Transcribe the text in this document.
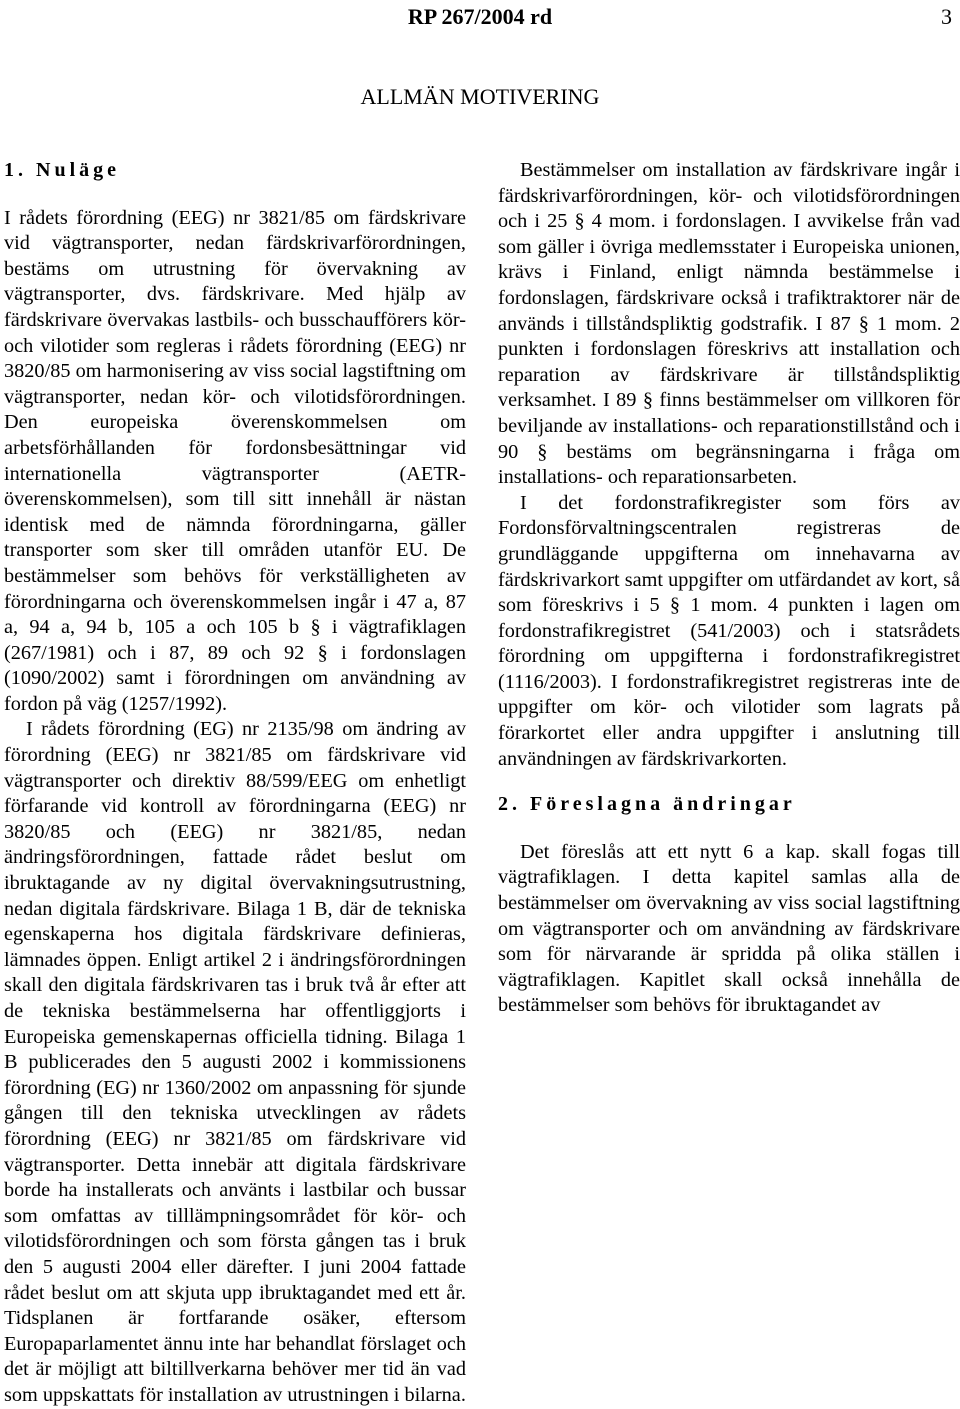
RP 267/2004 rd	3
ALLMÄN MOTIVERING

1. Nuläge

I rådets förordning (EEG) nr 3821/85 om färdskrivare vid vägtransporter, nedan färdskrivarförordningen, bestäms om utrustning för övervakning av vägtransporter, dvs. färdskrivare. Med hjälp av färdskrivare övervakas lastbils- och busschaufförers kör- och vilotider som regleras i rådets förordning (EEG) nr 3820/85 om harmonisering av viss social lagstiftning om vägtransporter, nedan kör- och vilotidsförordningen. Den europeiska överenskommelsen om arbetsförhållanden för fordonsbesättningar vid internationella vägtransporter (AETR-överenskommelsen), som till sitt innehåll är nästan identisk med de nämnda förordningarna, gäller transporter som sker till områden utanför EU. De bestämmelser som behövs för verkställigheten av förordningarna och överenskommelsen ingår i 47 a, 87 a, 94 a, 94 b, 105 a och 105 b § i vägtrafiklagen (267/1981) och i 87, 89 och 92 § i fordonslagen (1090/2002) samt i förordningen om användning av fordon på väg (1257/1992).

I rådets förordning (EG) nr 2135/98 om ändring av förordning (EEG) nr 3821/85 om färdskrivare vid vägtransporter och direktiv 88/599/EEG om enhetligt förfarande vid kontroll av förordningarna (EEG) nr 3820/85 och (EEG) nr 3821/85, nedan ändringsförordningen, fattade rådet beslut om ibruktagande av ny digital övervakningsutrustning, nedan digitala färdskrivare. Bilaga 1 B, där de tekniska egenskaperna hos digitala färdskrivare definieras, lämnades öppen. Enligt artikel 2 i ändringsförordningen skall den digitala färdskrivaren tas i bruk två år efter att de tekniska bestämmelserna har offentliggjorts i Europeiska gemenskapernas officiella tidning. Bilaga 1 B publicerades den 5 augusti 2002 i kommissionens förordning (EG) nr 1360/2002 om anpassning för sjunde gången till den tekniska utvecklingen av rådets förordning (EEG) nr 3821/85 om färdskrivare vid vägtransporter. Detta innebär att digitala färdskrivare borde ha installerats och använts i lastbilar och bussar som omfattas av tilllämpningsområdet för kör- och vilotidsförordningen och som första gången tas i bruk den 5 augusti 2004 eller därefter. I juni 2004 fattade rådet beslut om att skjuta upp ibruktagandet med ett år. Tidsplanen är fortfarande osäker, eftersom Europaparlamentet ännu inte har behandlat förslaget och det är möjligt att biltillverkarna behöver mer tid än vad som uppskattats för installation av utrustningen i bilarna.

Bestämmelser om installation av färdskrivare ingår i färdskrivarförordningen, kör- och vilotidsförordningen och i 25 § 4 mom. i fordonslagen. I avvikelse från vad som gäller i övriga medlemsstater i Europeiska unionen, krävs i Finland, enligt nämnda bestämmelse i fordonslagen, färdskrivare också i trafiktraktorer när de används i tillståndspliktig godstrafik. I 87 § 1 mom. 2 punkten i fordonslagen föreskrivs att installation och reparation av färdskrivare är tillståndspliktig verksamhet. I 89 § finns bestämmelser om villkoren för beviljande av installations- och reparationstillstånd och i 90 § bestäms om begränsningarna i fråga om installations- och reparationsarbeten.

I det fordonstrafikregister som förs av Fordonsförvaltningscentralen registreras de grundläggande uppgifterna om innehavarna av färdskrivarkort samt uppgifter om utfärdandet av kort, så som föreskrivs i 5 § 1 mom. 4 punkten i lagen om fordonstrafikregistret (541/2003) och i statsrådets förordning om uppgifterna i fordonstrafikregistret (1116/2003). I fordonstrafikregistret registreras inte de uppgifter om kör- och vilotider som lagrats på förarkortet eller andra uppgifter i anslutning till användningen av färdskrivarkorten.

2. Föreslagna ändringar

Det föreslås att ett nytt 6 a kap. skall fogas till vägtrafiklagen. I detta kapitel samlas alla de bestämmelser om övervakning av viss social lagstiftning om vägtransporter och om användning av färdskrivare som för närvarande är spridda på olika ställen i vägtrafiklagen. Kapitlet skall också innehålla de bestämmelser som behövs för ibruktagandet av
